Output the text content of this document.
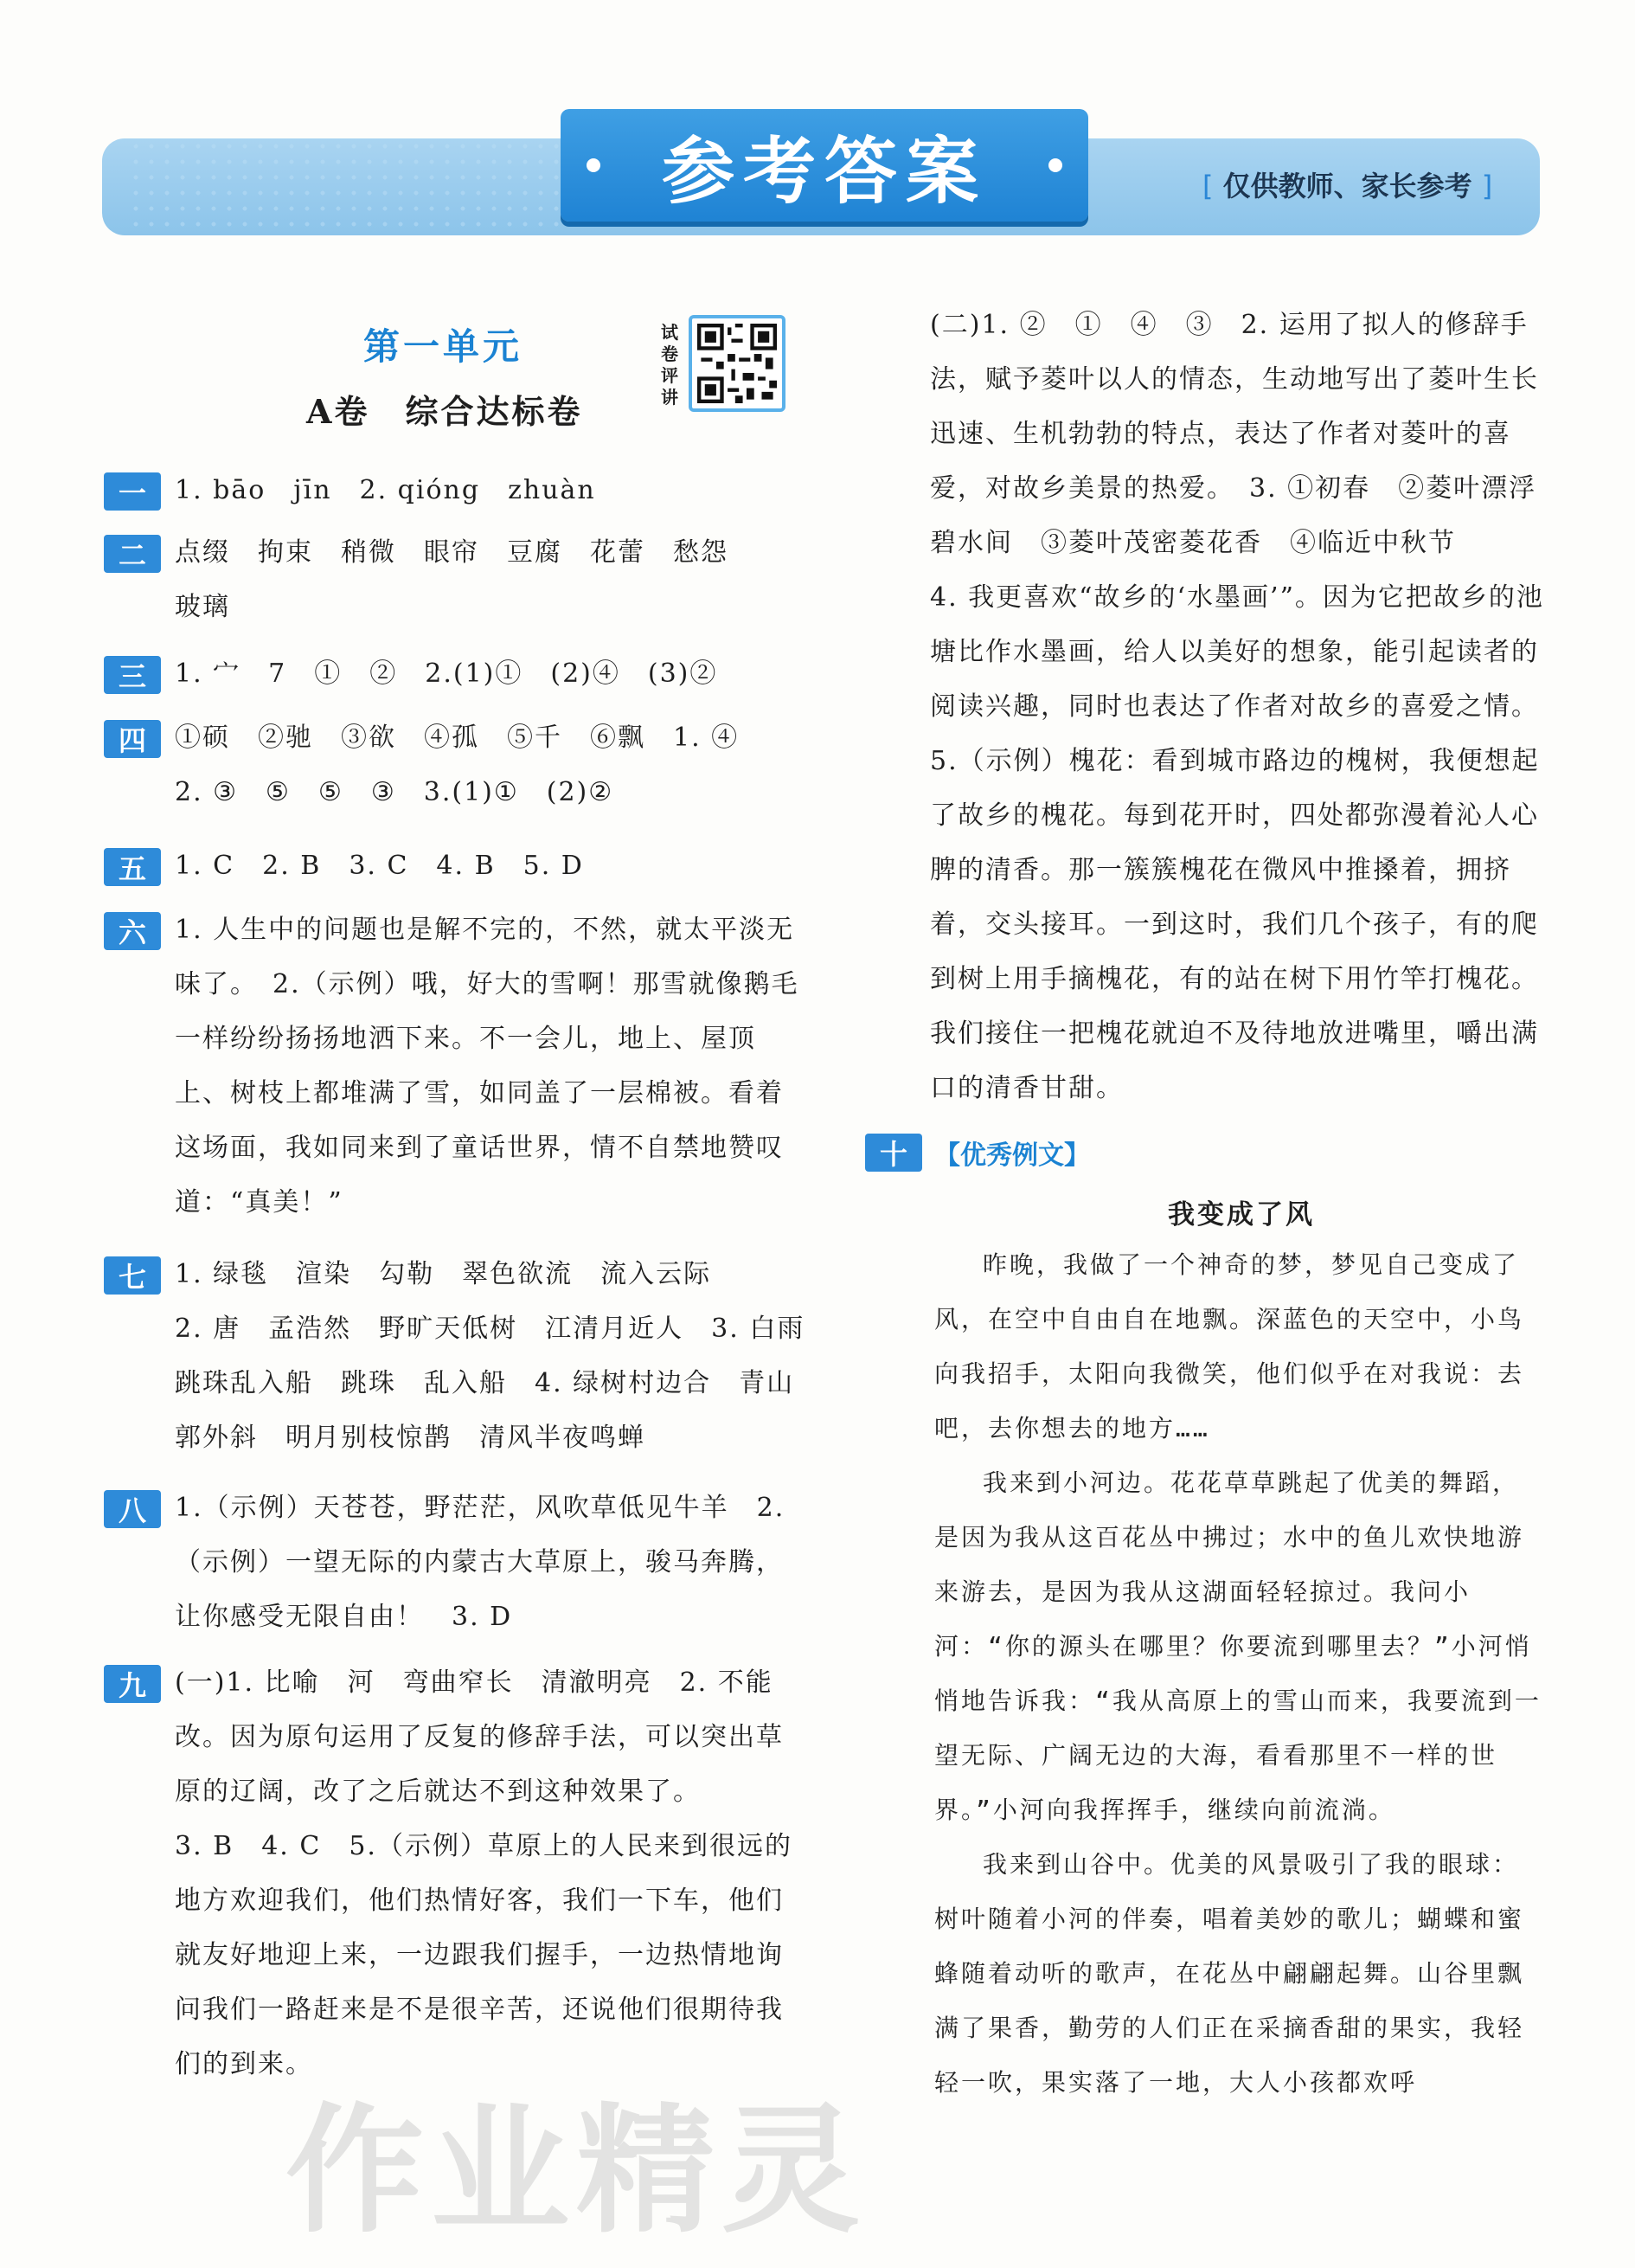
参考答案	[ 仅供教师、家长参考 ]
第一单元
A卷　综合达标卷
试卷评讲
一	1. bāo　jīn　2. qióng　zhuàn
二	点缀　拘束　稍微　眼帘　豆腐　花蕾　愁怨
玻璃
三	1. 宀　7　①　②　2.(1)①　(2)④　(3)②
四	①硕　②驰　③欲　④孤　⑤千　⑥飘　1. ④
2. ③　⑤　⑤　③　3.(1)①　(2)②
五	1. C　2. B　3. C　4. B　5. D
六	1. 人生中的问题也是解不完的，不然，就太平淡无味了。　2.（示例）哦，好大的雪啊！那雪就像鹅毛一样纷纷扬扬地洒下来。不一会儿，地上、屋顶上、树枝上都堆满了雪，如同盖了一层棉被。看着这场面，我如同来到了童话世界，情不自禁地赞叹道：“真美！”
七	1. 绿毯　渲染　勾勒　翠色欲流　流入云际
2. 唐　孟浩然　野旷天低树　江清月近人　3. 白雨跳珠乱入船　跳珠　乱入船　4. 绿树村边合　青山郭外斜　明月别枝惊鹊　清风半夜鸣蝉
八	1.（示例）天苍苍，野茫茫，风吹草低见牛羊　2.（示例）一望无际的内蒙古大草原上，骏马奔腾，让你感受无限自由！　3. D
九	(一)1. 比喻　河　弯曲窄长　清澈明亮　2. 不能改。因为原句运用了反复的修辞手法，可以突出草原的辽阔，改了之后就达不到这种效果了。
3. B　4. C　5.（示例）草原上的人民来到很远的地方欢迎我们，他们热情好客，我们一下车，他们就友好地迎上来，一边跟我们握手，一边热情地询问我们一路赶来是不是很辛苦，还说他们很期待我们的到来。
(二)1. ②　①　④　③　2. 运用了拟人的修辞手法，赋予菱叶以人的情态，生动地写出了菱叶生长迅速、生机勃勃的特点，表达了作者对菱叶的喜爱，对故乡美景的热爱。　3. ①初春　②菱叶漂浮碧水间　③菱叶茂密菱花香　④临近中秋节
4. 我更喜欢“故乡的‘水墨画’”。因为它把故乡的池塘比作水墨画，给人以美好的想象，能引起读者的阅读兴趣，同时也表达了作者对故乡的喜爱之情。　5.（示例）槐花：看到城市路边的槐树，我便想起了故乡的槐花。每到花开时，四处都弥漫着沁人心脾的清香。那一簇簇槐花在微风中推搡着，拥挤着，交头接耳。一到这时，我们几个孩子，有的爬到树上用手摘槐花，有的站在树下用竹竿打槐花。我们接住一把槐花就迫不及待地放进嘴里，嚼出满口的清香甘甜。
十	【优秀例文】
我变成了风

昨晚，我做了一个神奇的梦，梦见自己变成了风，在空中自由自在地飘。深蓝色的天空中，小鸟向我招手，太阳向我微笑，他们似乎在对我说：去吧，去你想去的地方……

我来到小河边。花花草草跳起了优美的舞蹈，是因为我从这百花丛中拂过；水中的鱼儿欢快地游来游去，是因为我从这湖面轻轻掠过。我问小河：“你的源头在哪里？你要流到哪里去？”小河悄悄地告诉我：“我从高原上的雪山而来，我要流到一望无际、广阔无边的大海，看看那里不一样的世界。”小河向我挥挥手，继续向前流淌。

我来到山谷中。优美的风景吸引了我的眼球：树叶随着小河的伴奏，唱着美妙的歌儿；蝴蝶和蜜蜂随着动听的歌声，在花丛中翩翩起舞。山谷里飘满了果香，勤劳的人们正在采摘香甜的果实，我轻轻一吹，果实落了一地，大人小孩都欢呼

作业精灵
